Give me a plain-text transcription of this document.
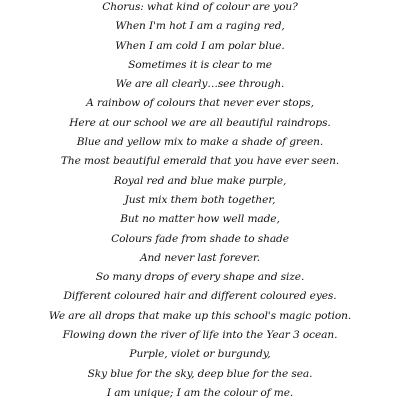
Chorus: what kind of colour are you?
When I'm hot I am a raging red,
When I am cold I am polar blue.
Sometimes it is clear to me
We are all clearly…see through.
A rainbow of colours that never ever stops,
Here at our school we are all beautiful raindrops.
Blue and yellow mix to make a shade of green.
The most beautiful emerald that you have ever seen.
Royal red and blue make purple,
Just mix them both together,
But no matter how well made,
Colours fade from shade to shade
And never last forever.
So many drops of every shape and size.
Different coloured hair and different coloured eyes.
We are all drops that make up this school's magic potion.
Flowing down the river of life into the Year 3 ocean.
Purple, violet or burgundy,
Sky blue for the sky, deep blue for the sea.
I am unique; I am the colour of me.
